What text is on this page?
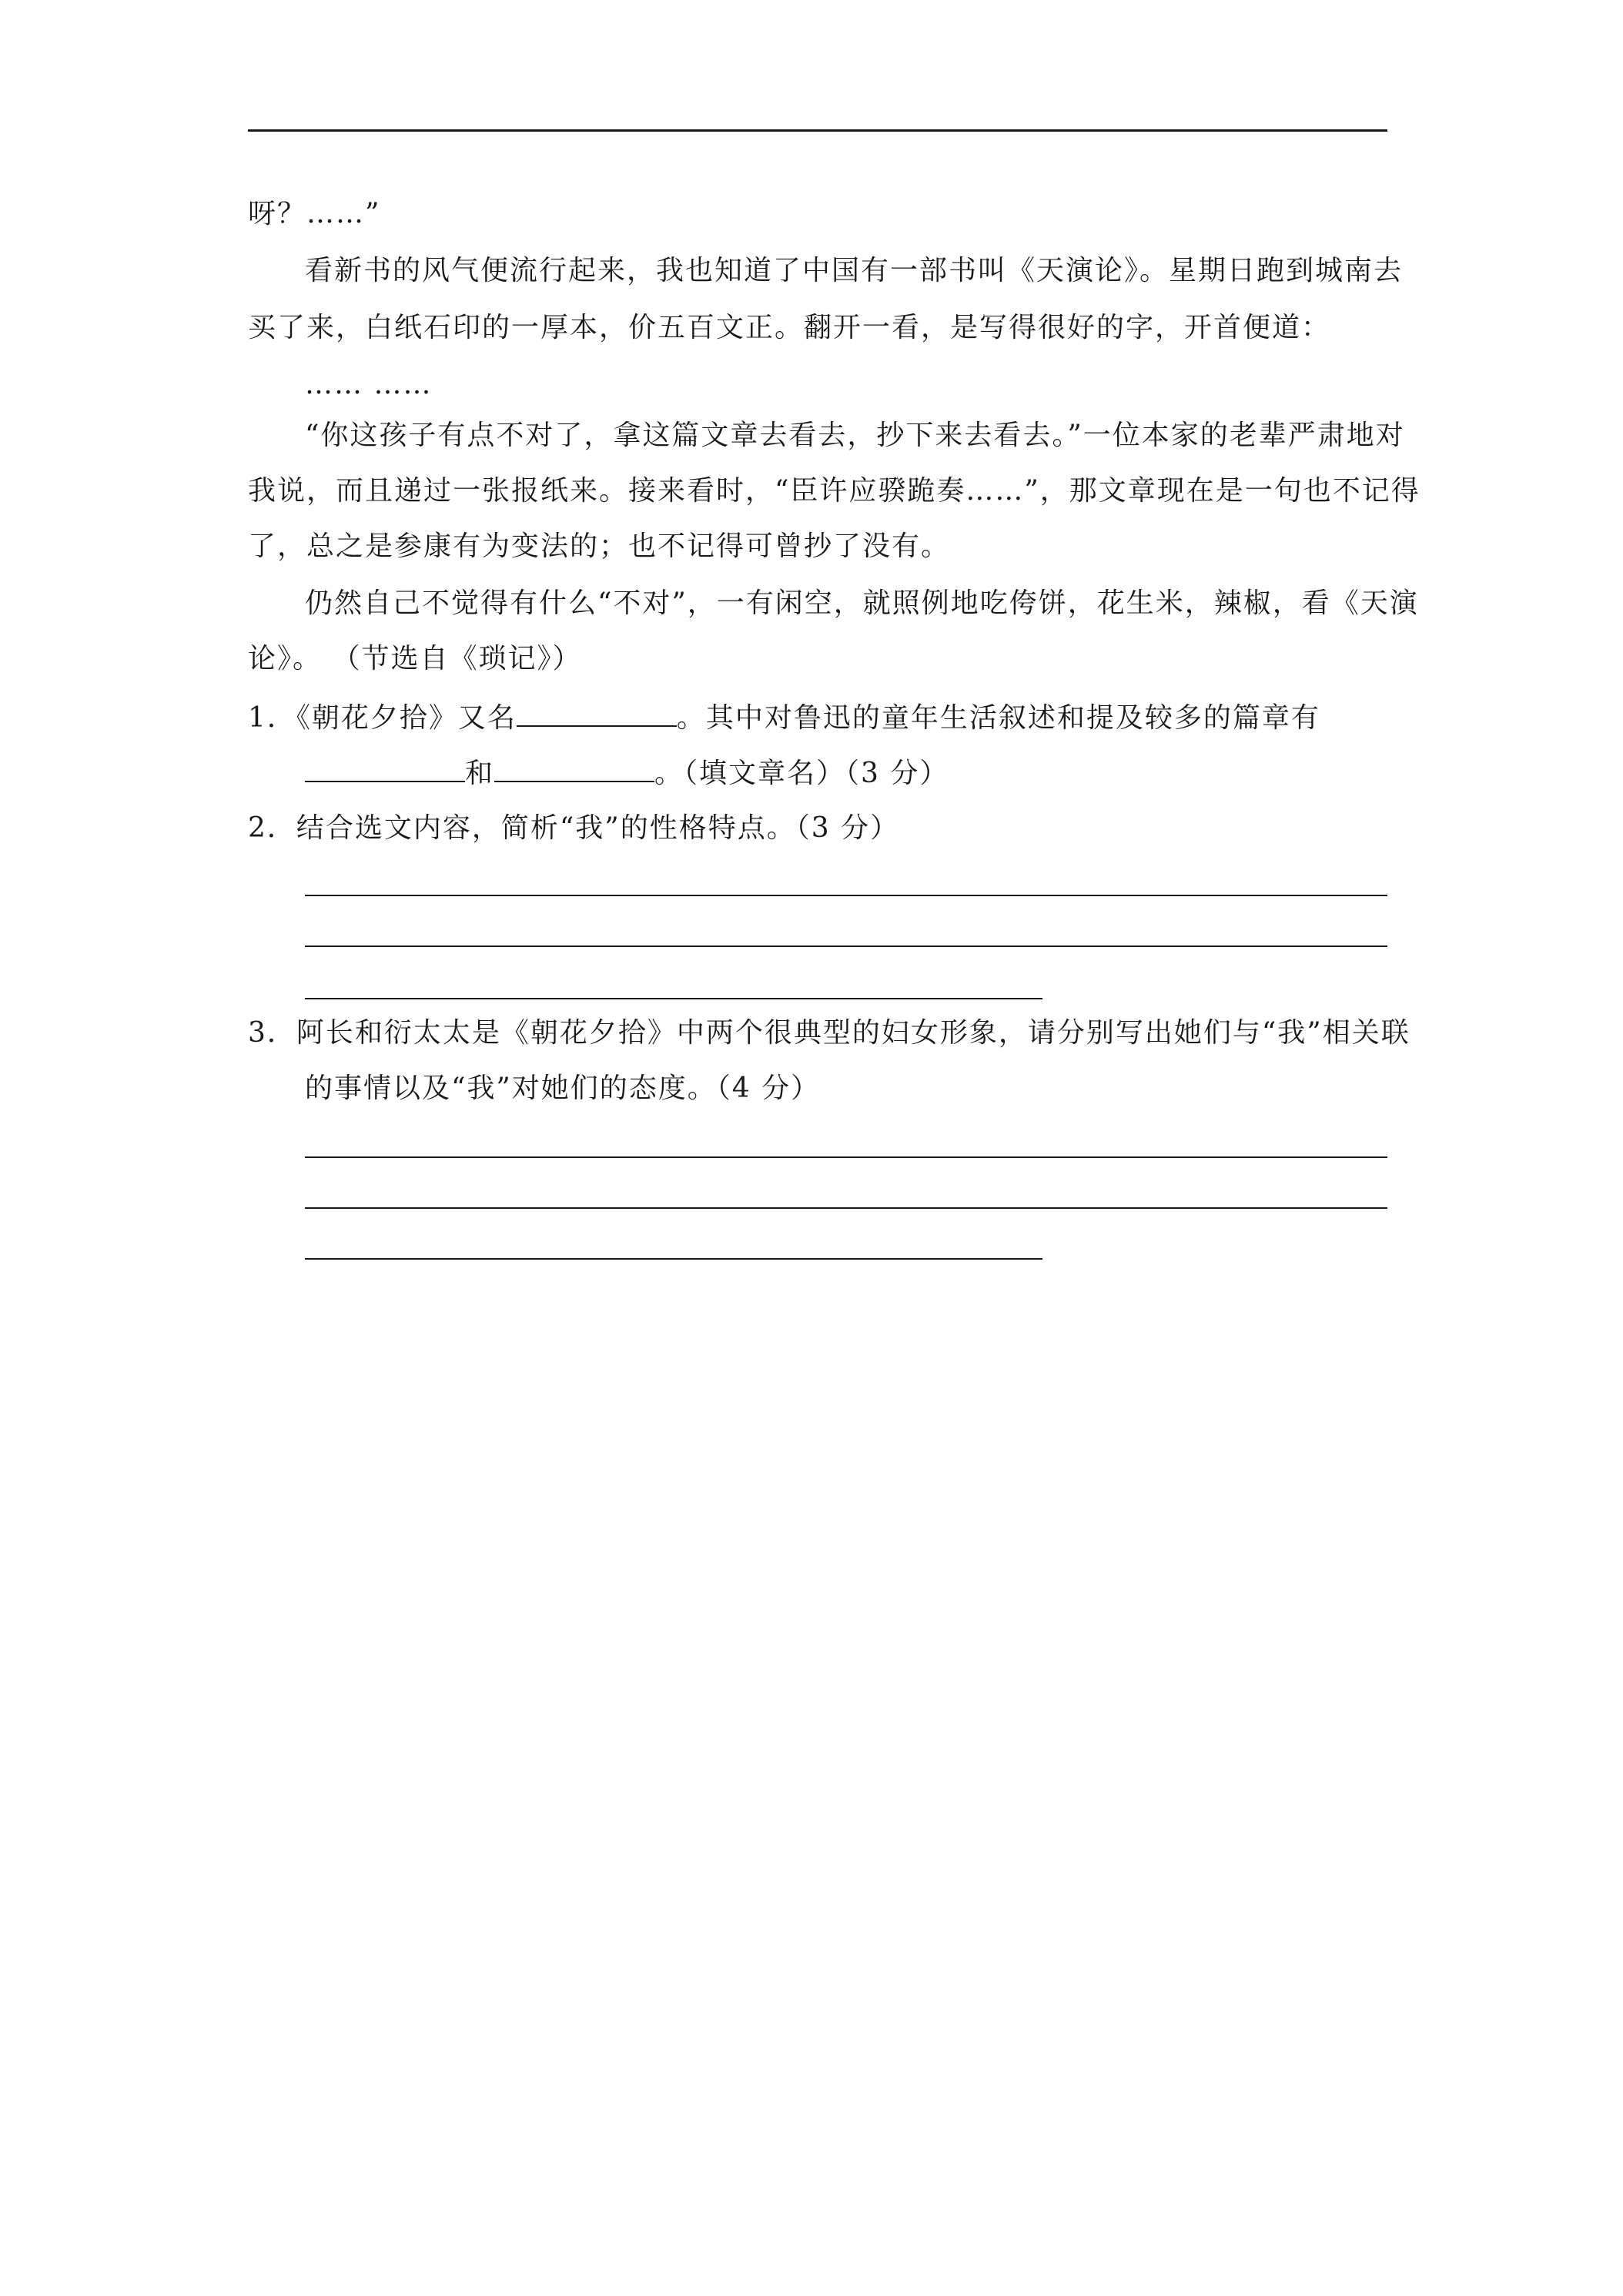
呀？……”
看新书的风气便流行起来，我也知道了中国有一部书叫《天演论》。星期日跑到城南去
买了来，白纸石印的一厚本，价五百文正。翻开一看，是写得很好的字，开首便道：
…… ……
“你这孩子有点不对了，拿这篇文章去看去，抄下来去看去。”一位本家的老辈严肃地对
我说，而且递过一张报纸来。接来看时，“臣许应骙跪奏……”，那文章现在是一句也不记得
了，总之是参康有为变法的；也不记得可曾抄了没有。
仍然自己不觉得有什么“不对”，一有闲空，就照例地吃侉饼，花生米，辣椒，看《天演
论》。 （节选自《琐记》）
1．《朝花夕拾》又名	。其中对鲁迅的童年生活叙述和提及较多的篇章有
和	。（填文章名）（3 分）
2．结合选文内容，简析“我”的性格特点。（3 分）
3．阿长和衍太太是《朝花夕拾》中两个很典型的妇女形象，请分别写出她们与“我”相关联
的事情以及“我”对她们的态度。（4 分）
